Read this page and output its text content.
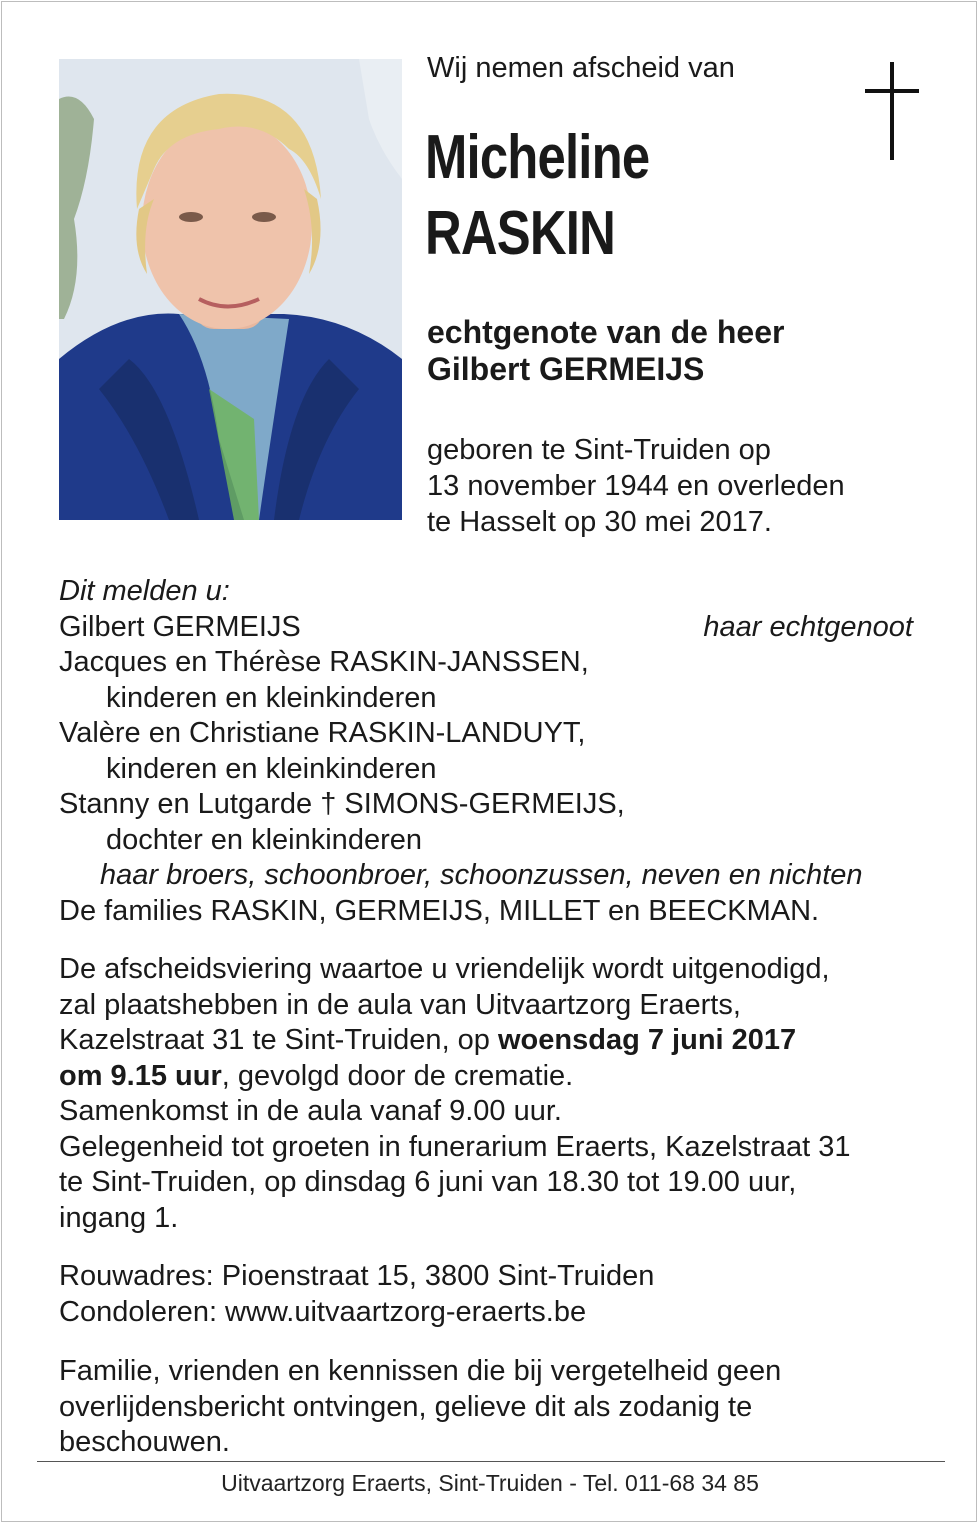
Wij nemen afscheid van
Micheline
RASKIN
echtgenote van de heer
Gilbert GERMEIJS
geboren te Sint-Truiden op
13 november 1944 en overleden
te Hasselt op 30 mei 2017.
Dit melden u:
Gilbert GERMEIJS	haar echtgenoot
Jacques en Thérèse RASKIN-JANSSEN,
kinderen en kleinkinderen
Valère en Christiane RASKIN-LANDUYT,
kinderen en kleinkinderen
Stanny en Lutgarde † SIMONS-GERMEIJS,
dochter en kleinkinderen
haar broers, schoonbroer, schoonzussen, neven en nichten
De families RASKIN, GERMEIJS, MILLET en BEECKMAN.
De afscheidsviering waartoe u vriendelijk wordt uitgenodigd,
zal plaatshebben in de aula van Uitvaartzorg Eraerts,
Kazelstraat 31 te Sint-Truiden, op woensdag 7 juni 2017
om 9.15 uur, gevolgd door de crematie.
Samenkomst in de aula vanaf 9.00 uur.
Gelegenheid tot groeten in funerarium Eraerts, Kazelstraat 31
te Sint-Truiden, op dinsdag 6 juni van 18.30 tot 19.00 uur,
ingang 1.
Rouwadres: Pioenstraat 15, 3800 Sint-Truiden
Condoleren: www.uitvaartzorg-eraerts.be
Familie, vrienden en kennissen die bij vergetelheid geen
overlijdensbericht ontvingen, gelieve dit als zodanig te
beschouwen.
Uitvaartzorg Eraerts, Sint-Truiden - Tel. 011-68 34 85
